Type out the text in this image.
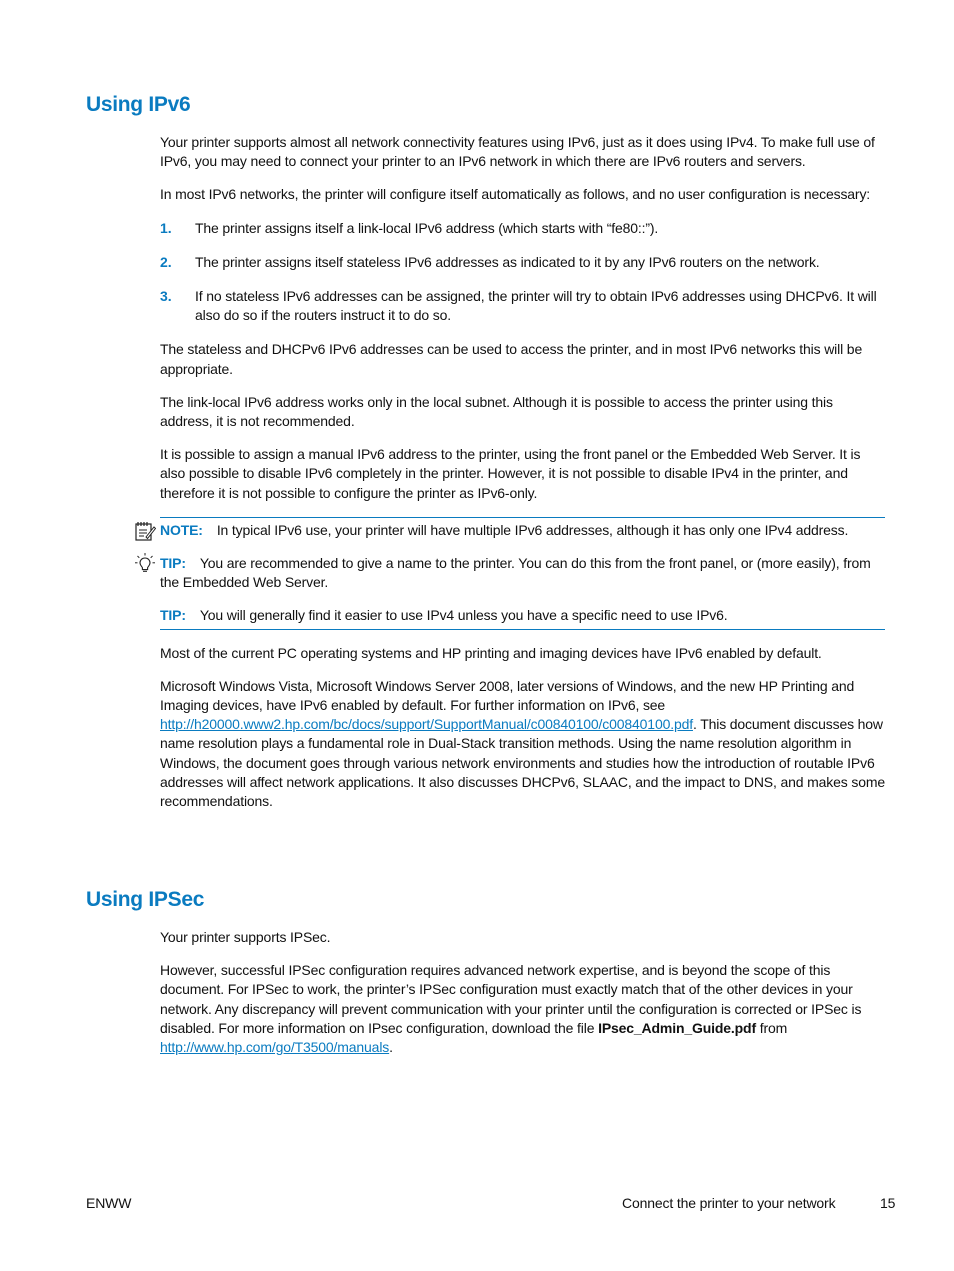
Using IPv6

Your printer supports almost all network connectivity features using IPv6, just as it does using IPv4. To make full use of IPv6, you may need to connect your printer to an IPv6 network in which there are IPv6 routers and servers.

In most IPv6 networks, the printer will configure itself automatically as follows, and no user configuration is necessary:

1. The printer assigns itself a link-local IPv6 address (which starts with “fe80::”).

2. The printer assigns itself stateless IPv6 addresses as indicated to it by any IPv6 routers on the network.

3. If no stateless IPv6 addresses can be assigned, the printer will try to obtain IPv6 addresses using DHCPv6. It will also do so if the routers instruct it to do so.

The stateless and DHCPv6 IPv6 addresses can be used to access the printer, and in most IPv6 networks this will be appropriate.

The link-local IPv6 address works only in the local subnet. Although it is possible to access the printer using this address, it is not recommended.

It is possible to assign a manual IPv6 address to the printer, using the front panel or the Embedded Web Server. It is also possible to disable IPv6 completely in the printer. However, it is not possible to disable IPv4 in the printer, and therefore it is not possible to configure the printer as IPv6-only.

NOTE: In typical IPv6 use, your printer will have multiple IPv6 addresses, although it has only one IPv4 address.

TIP: You are recommended to give a name to the printer. You can do this from the front panel, or (more easily), from the Embedded Web Server.

TIP: You will generally find it easier to use IPv4 unless you have a specific need to use IPv6.

Most of the current PC operating systems and HP printing and imaging devices have IPv6 enabled by default.

Microsoft Windows Vista, Microsoft Windows Server 2008, later versions of Windows, and the new HP Printing and Imaging devices, have IPv6 enabled by default. For further information on IPv6, see http://h20000.www2.hp.com/bc/docs/support/SupportManual/c00840100/c00840100.pdf. This document discusses how name resolution plays a fundamental role in Dual-Stack transition methods. Using the name resolution algorithm in Windows, the document goes through various network environments and studies how the introduction of routable IPv6 addresses will affect network applications. It also discusses DHCPv6, SLAAC, and the impact to DNS, and makes some recommendations.

Using IPSec

Your printer supports IPSec.

However, successful IPSec configuration requires advanced network expertise, and is beyond the scope of this document. For IPSec to work, the printer’s IPSec configuration must exactly match that of the other devices in your network. Any discrepancy will prevent communication with your printer until the configuration is corrected or IPSec is disabled. For more information on IPsec configuration, download the file IPsec_Admin_Guide.pdf from http://www.hp.com/go/T3500/manuals.

ENWW	Connect the printer to your network	15
